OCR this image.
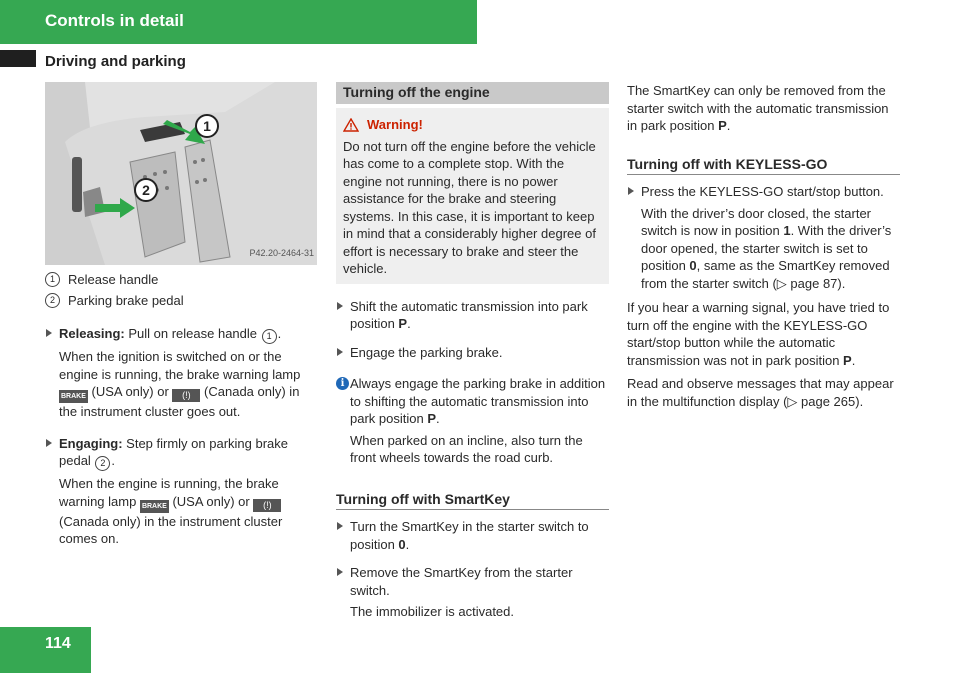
Controls in detail
Driving and parking
1
2
P42.20-2464-31
1	Release handle
2	Parking brake pedal
Releasing: Pull on release handle 1 .
When the ignition is switched on or the engine is running, the brake warning lamp BRAKE (USA only) or (!) (Canada only) in the instrument cluster goes out.
Engaging: Step firmly on parking brake pedal 2 .
When the engine is running, the brake warning lamp BRAKE (USA only) or (!) (Canada only) in the instrument cluster comes on.
Turning off the engine
Warning!
Do not turn off the engine before the vehicle has come to a complete stop. With the engine not running, there is no power assistance for the brake and steering systems. In this case, it is important to keep in mind that a considerably higher degree of effort is necessary to brake and steer the vehicle.
Shift the automatic transmission into park position P.
Engage the parking brake.
i Always engage the parking brake in addition to shifting the automatic transmission into park position P.
When parked on an incline, also turn the front wheels towards the road curb.
Turning off with SmartKey
Turn the SmartKey in the starter switch to position 0.
Remove the SmartKey from the starter switch.
The immobilizer is activated.
The SmartKey can only be removed from the starter switch with the automatic transmission in park position P.
Turning off with KEYLESS-GO
Press the KEYLESS-GO start/stop button.
With the driver’s door closed, the starter switch is now in position 1. With the driver’s door opened, the starter switch is set to position 0, same as the SmartKey removed from the starter switch (▷ page 87).
If you hear a warning signal, you have tried to turn off the engine with the KEYLESS-GO start/stop button while the automatic transmission was not in park position P.
Read and observe messages that may appear in the multifunction display (▷ page 265).
114
